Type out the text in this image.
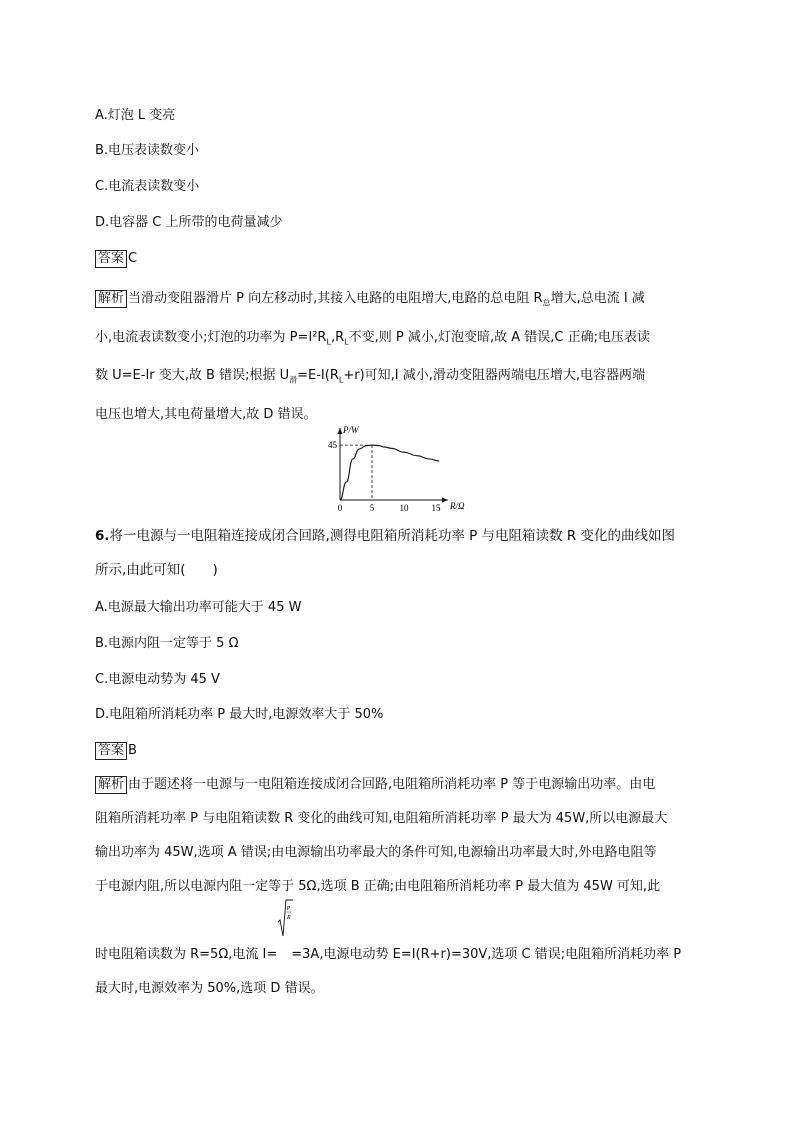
A.灯泡 L 变亮
B.电压表读数变小
C.电流表读数变小
D.电容器 C 上所带的电荷量减少
答案 C
解析 当滑动变阻器滑片 P 向左移动时,其接入电路的电阻增大,电路的总电阻 $R_总$增大,总电流 I 减
小,电流表读数变小;灯泡的功率为 $P=I^2R_L,R_L$不变,则 P 减小,灯泡变暗,故 A 错误,C 正确;电压表读
数 U=E-Ir 变大,故 B 错误;根据 $U_滑=E-I(R_L+r)$可知,I 减小,滑动变阻器两端电压增大,电容器两端
电压也增大,其电荷量增大,故 D 错误。
0	5	10	15
45
P/W
R/Ω
6.将一电源与一电阻箱连接成闭合回路,测得电阻箱所消耗功率 P 与电阻箱读数 R 变化的曲线如图
所示,由此可知(　　)
A.电源最大输出功率可能大于 45 W
B.电源内阻一定等于 5 Ω
C.电源电动势为 45 V
D.电阻箱所消耗功率 P 最大时,电源效率大于 50%
答案 B
解析 由于题述将一电源与一电阻箱连接成闭合回路,电阻箱所消耗功率 P 等于电源输出功率。由电
阻箱所消耗功率 P 与电阻箱读数 R 变化的曲线可知,电阻箱所消耗功率 P 最大为 45W,所以电源最大
输出功率为 45W,选项 A 错误;由电源输出功率最大的条件可知,电源输出功率最大时,外电路电阻等
于电源内阻,所以电源内阻一定等于 5Ω,选项 B 正确;由电阻箱所消耗功率 P 最大值为 45W 可知,此
时电阻箱读数为 R=5Ω,电流 I=
P
R
=3A,电源电动势 E=I(R+r)=30V,选项 C 错误;电阻箱所消耗功率 P
最大时,电源效率为 50%,选项 D 错误。
